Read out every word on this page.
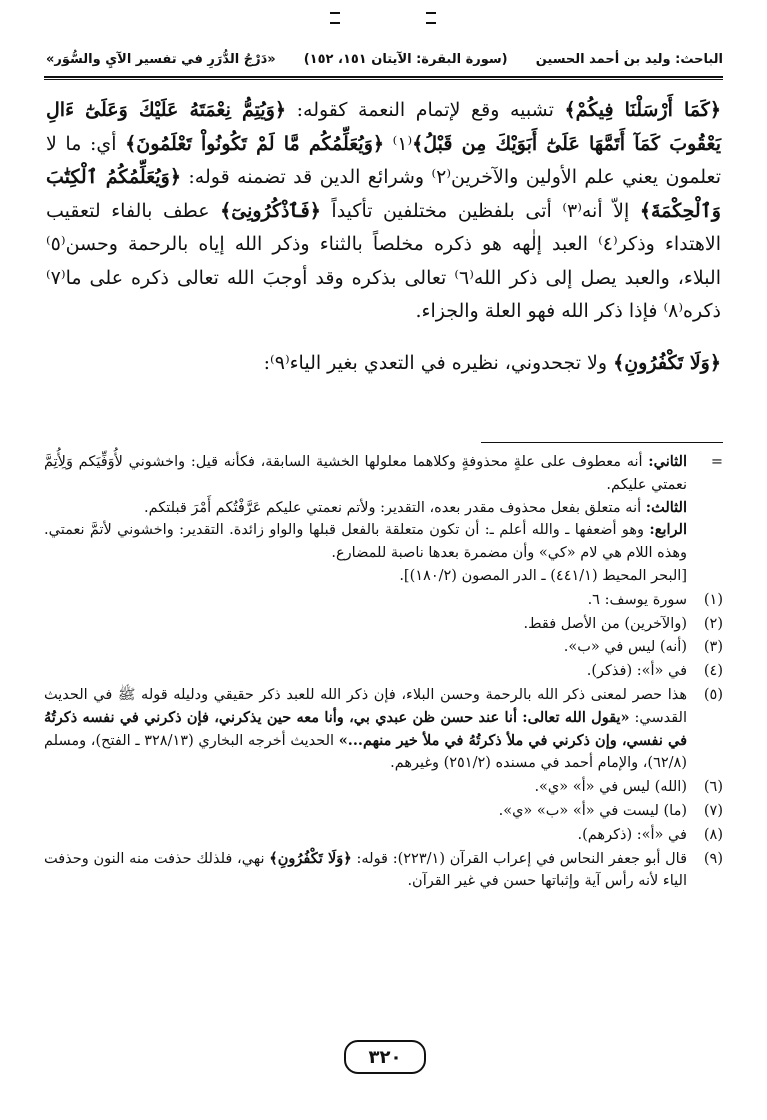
الباحث: وليد بن أحمد الحسين
(سورة البقرة: الآيتان ١٥١، ١٥٢)
«دَرْجُ الدُّرَرِ في تفسير الآيِ والسُّوَر»

﴿كَمَا أَرْسَلْنَا فِيكُمْ﴾ تشبيه وقع لإتمام النعمة كقوله: ﴿وَيُتِمُّ نِعْمَتَهُ عَلَيْكَ وَعَلَىٰٓ ءَالِ يَعْقُوبَ كَمَآ أَتَمَّهَا عَلَىٰٓ أَبَوَيْكَ مِن قَبْلُ﴾⁽١⁾ ﴿وَيُعَلِّمُكُم مَّا لَمْ تَكُونُواْ تَعْلَمُونَ﴾ أي: ما لا تعلمون يعني علم الأولين والآخرين⁽٢⁾ وشرائع الدين قد تضمنه قوله: ﴿وَيُعَلِّمُكُمُ ٱلْكِتَٰبَ وَٱلْحِكْمَةَ﴾ إلاّ أنه⁽٣⁾ أتى بلفظين مختلفين تأكيداً ﴿فَٱذْكُرُونِىٓ﴾ عطف بالفاء لتعقيب الاهتداء وذكر⁽٤⁾ العبد إلٰهه هو ذكره مخلصاً بالثناء وذكر الله إياه بالرحمة وحسن⁽٥⁾ البلاء، والعبد يصل إلى ذكر الله⁽٦⁾ تعالى بذكره وقد أوجبَ الله تعالى ذكره على ما⁽٧⁾ ذكره⁽٨⁾ فإذا ذكر الله فهو العلة والجزاء.

﴿وَلَا تَكْفُرُونِ﴾ ولا تجحدوني، نظيره في التعدي بغير الياء⁽٩⁾:

=
الثاني: أنه معطوف على علةٍ محذوفةٍ وكلاهما معلولها الخشية السابقة، فكأنه قيل: واخشوني لأُوَفِّيَكم وَلِأُتِمَّ نعمتي عليكم.
الثالث: أنه متعلق بفعل محذوف مقدر بعده، التقدير: ولأتم نعمتي عليكم عَرَّفْتُكم أَمْرَ قبلتكم.
الرابع: وهو أضعفها ـ والله أعلم ـ: أن تكون متعلقة بالفعل قبلها والواو زائدة. التقدير: واخشوني لأتمَّ نعمتي. وهذه اللام هي لام «كي» وأن مضمرة بعدها ناصبة للمضارع.
[البحر المحيط (٤٤١/١) ـ الدر المصون (١٨٠/٢)].
(١)
سورة يوسف: ٦.
(٢)
(والآخرين) من الأصل فقط.
(٣)
(أنه) ليس في «ب».
(٤)
في «أ»: (فذكر).
(٥)
هذا حصر لمعنى ذكر الله بالرحمة وحسن البلاء، فإن ذكر الله للعبد ذكر حقيقي ودليله قوله ﷺ في الحديث القدسي: «يقول الله تعالى: أنا عند حسن ظن عبدي بي، وأنا معه حين يذكرني، فإن ذكرني في نفسه ذكرتُهُ في نفسي، وإن ذكرني في ملأ ذكرتُهُ في ملأ خير منهم...» الحديث أخرجه البخاري (٣٢٨/١٣ ـ الفتح)، ومسلم (٦٢/٨)، والإمام أحمد في مسنده (٢٥١/٢) وغيرهم.
(٦)
(الله) ليس في «أ» «ي».
(٧)
(ما) ليست في «أ» «ب» «ي».
(٨)
في «أ»: (ذكرهم).
(٩)
قال أبو جعفر النحاس في إعراب القرآن (٢٢٣/١): قوله: ﴿وَلَا تَكْفُرُونِ﴾ نهي، فلذلك حذفت منه النون وحذفت الياء لأنه رأس آية وإثباتها حسن في غير القرآن.
٣٢٠
